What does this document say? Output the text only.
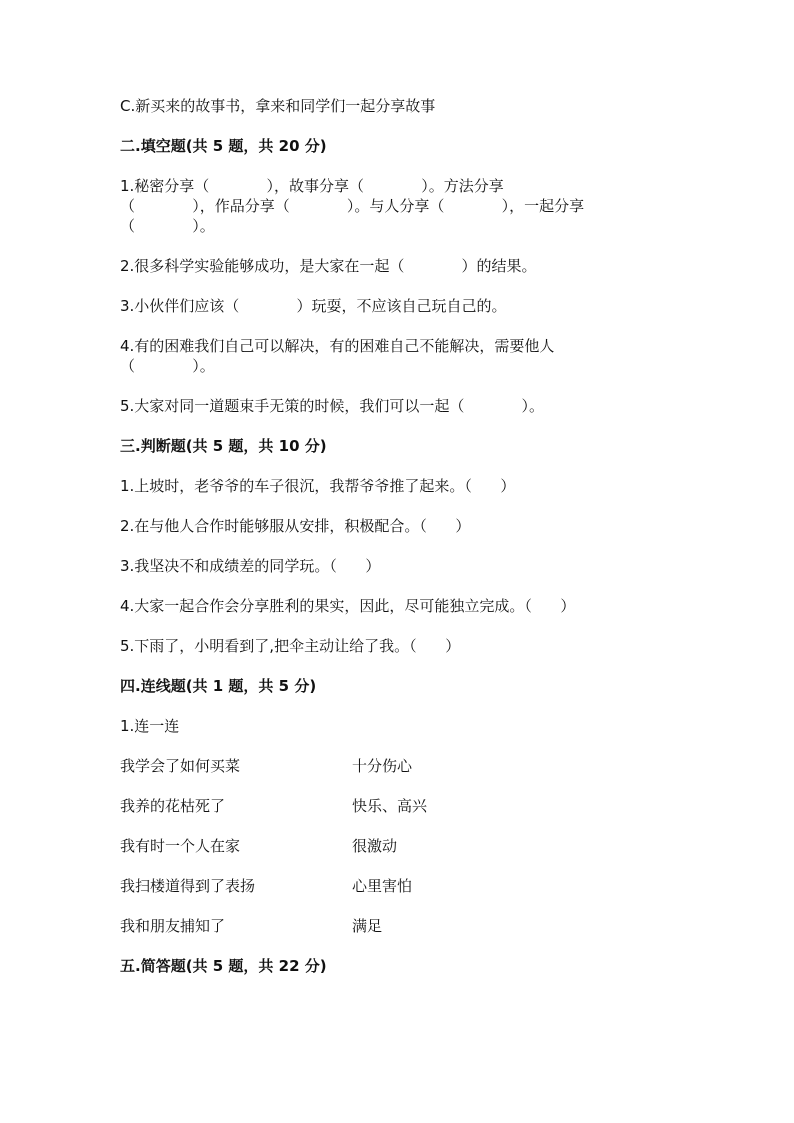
C.新买来的故事书，拿来和同学们一起分享故事

二.填空题(共 5 题，共 20 分)

1.秘密分享（            ），故事分享（            ）。方法分享

（            ），作品分享（            ）。与人分享（            ），一起分享

（            ）。

2.很多科学实验能够成功，是大家在一起（            ）的结果。

3.小伙伴们应该（            ）玩耍，不应该自己玩自己的。

4.有的困难我们自己可以解决，有的困难自己不能解决，需要他人

（            ）。

5.大家对同一道题束手无策的时候，我们可以一起（            ）。

三.判断题(共 5 题，共 10 分)

1.上坡时，老爷爷的车子很沉，我帮爷爷推了起来。（      ）

2.在与他人合作时能够服从安排，积极配合。（      ）

3.我坚决不和成绩差的同学玩。（      ）

4.大家一起合作会分享胜利的果实，因此，尽可能独立完成。（      ）

5.下雨了，小明看到了,把伞主动让给了我。（      ）

四.连线题(共 1 题，共 5 分)

1.连一连

我学会了如何买菜	十分伤心
我养的花枯死了	快乐、高兴
我有时一个人在家	很激动
我扫楼道得到了表扬	心里害怕
我和朋友捕知了	满足

五.简答题(共 5 题，共 22 分)
